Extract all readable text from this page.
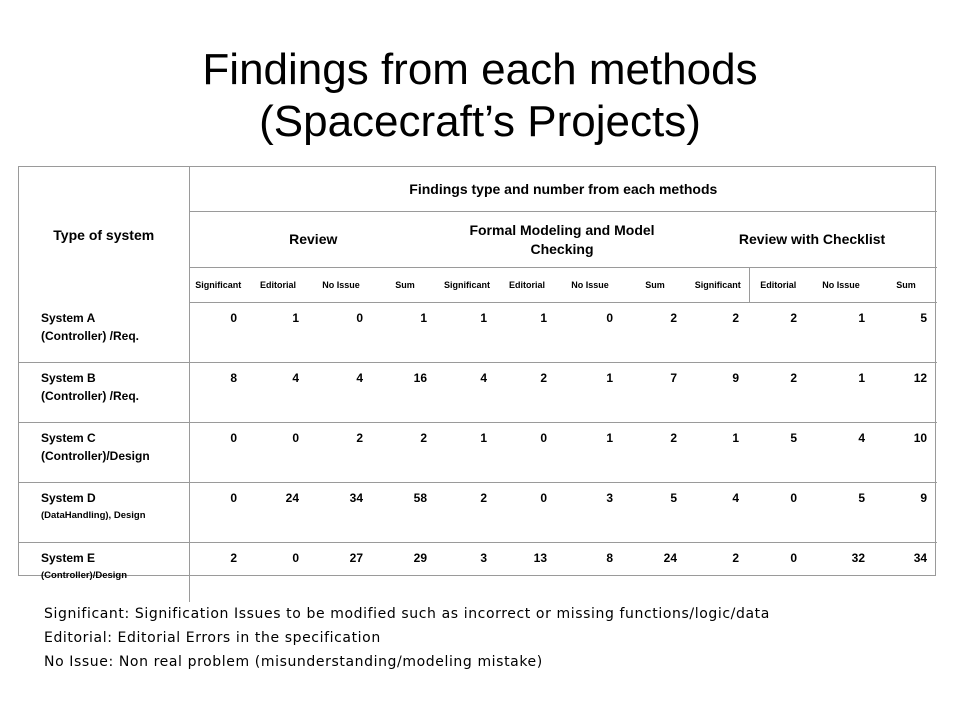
Findings from each methods
(Spacecraft’s Projects)
Type of system	Findings type and number from each methods											
	Review				Formal Modeling and Model Checking				Review with Checklist			
	Significant	Editorial	No Issue	Sum	Significant	Editorial	No Issue	Sum	Significant	Editorial	No Issue	Sum

System A
(Controller) /Req.	0	1	0	1	1	1	0	2	2	2	1	5

System B
(Controller) /Req.	8	4	4	16	4	2	1	7	9	2	1	12

System C
(Controller)/Design	0	0	2	2	1	0	1	2	1	5	4	10

System D
(DataHandling), Design	0	24	34	58	2	0	3	5	4	0	5	9

System E
(Controller)/Design	2	0	27	29	3	13	8	24	2	0	32	34
Significant: Signification Issues to be modified such as incorrect or missing functions/logic/data
Editorial: Editorial Errors in the specification
No Issue: Non real problem (misunderstanding/modeling mistake)
